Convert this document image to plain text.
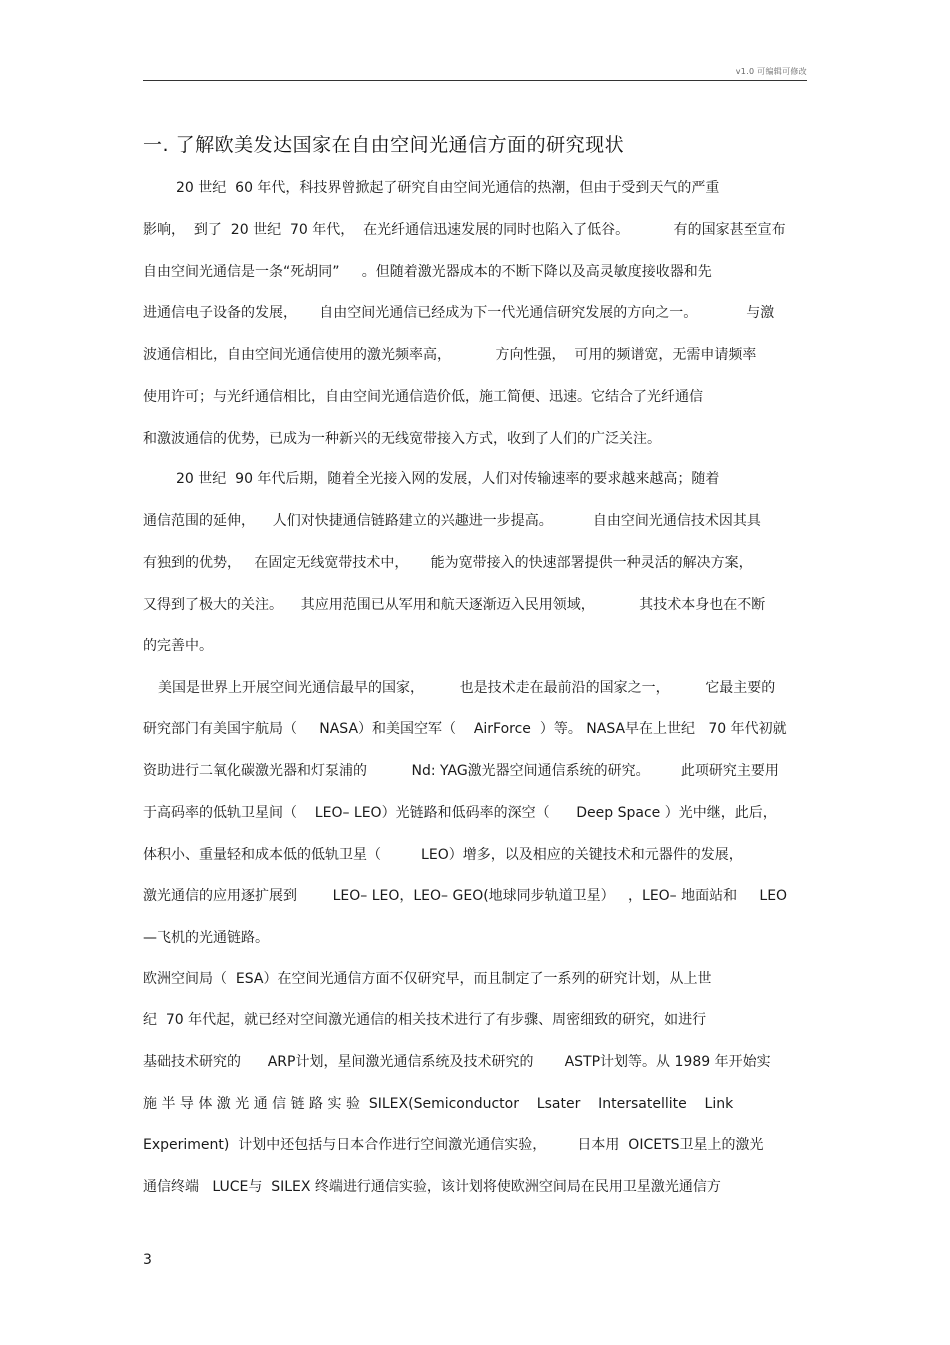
v1.0 可编辑可修改
一. 了解欧美发达国家在自由空间光通信方面的研究现状
20 世纪  60 年代，科技界曾掀起了研究自由空间光通信的热潮，但由于受到天气的严重
影响，  到了  20 世纪  70 年代，  在光纤通信迅速发展的同时也陷入了低谷。          有的国家甚至宣布
自由空间光通信是一条“死胡同”     。但随着激光器成本的不断下降以及高灵敏度接收器和先
进通信电子设备的发展，     自由空间光通信已经成为下一代光通信研究发展的方向之一。           与激
波通信相比，自由空间光通信使用的激光频率高，          方向性强，  可用的频谱宽，无需申请频率
使用许可；与光纤通信相比，自由空间光通信造价低，施工简便、迅速。它结合了光纤通信
和激波通信的优势，已成为一种新兴的无线宽带接入方式，收到了人们的广泛关注。
20 世纪  90 年代后期，随着全光接入网的发展，人们对传输速率的要求越来越高；随着
通信范围的延伸，    人们对快捷通信链路建立的兴趣进一步提高。         自由空间光通信技术因其具
有独到的优势，   在固定无线宽带技术中，     能为宽带接入的快速部署提供一种灵活的解决方案，
又得到了极大的关注。    其应用范围已从军用和航天逐渐迈入民用领域，          其技术本身也在不断
的完善中。
美国是世界上开展空间光通信最早的国家，        也是技术走在最前沿的国家之一，        它最主要的
研究部门有美国宇航局（     NASA）和美国空军（    AirForce  ）等。 NASA早在上世纪   70 年代初就
资助进行二氧化碳激光器和灯泵浦的          Nd: YAG激光器空间通信系统的研究。       此项研究主要用
于高码率的低轨卫星间（    LEO– LEO）光链路和低码率的深空（      Deep Space ）光中继，此后，
体积小、重量轻和成本低的低轨卫星（         LEO）增多，以及相应的关键技术和元器件的发展，
激光通信的应用逐扩展到        LEO– LEO，LEO– GEO(地球同步轨道卫星）   ，LEO– 地面站和     LEO
—飞机的光通链路。
欧洲空间局（  ESA）在空间光通信方面不仅研究早，而且制定了一系列的研究计划，从上世
纪  70 年代起，就已经对空间激光通信的相关技术进行了有步骤、周密细致的研究，如进行
基础技术研究的      ARP计划，星间激光通信系统及技术研究的       ASTP计划等。从 1989 年开始实
施 半 导 体 激 光 通 信 链 路 实 验  SILEX(Semiconductor    Lsater    Intersatellite    Link
Experiment)  计划中还包括与日本合作进行空间激光通信实验，       日本用  OICETS卫星上的激光
通信终端   LUCE与  SILEX 终端进行通信实验，该计划将使欧洲空间局在民用卫星激光通信方
3
